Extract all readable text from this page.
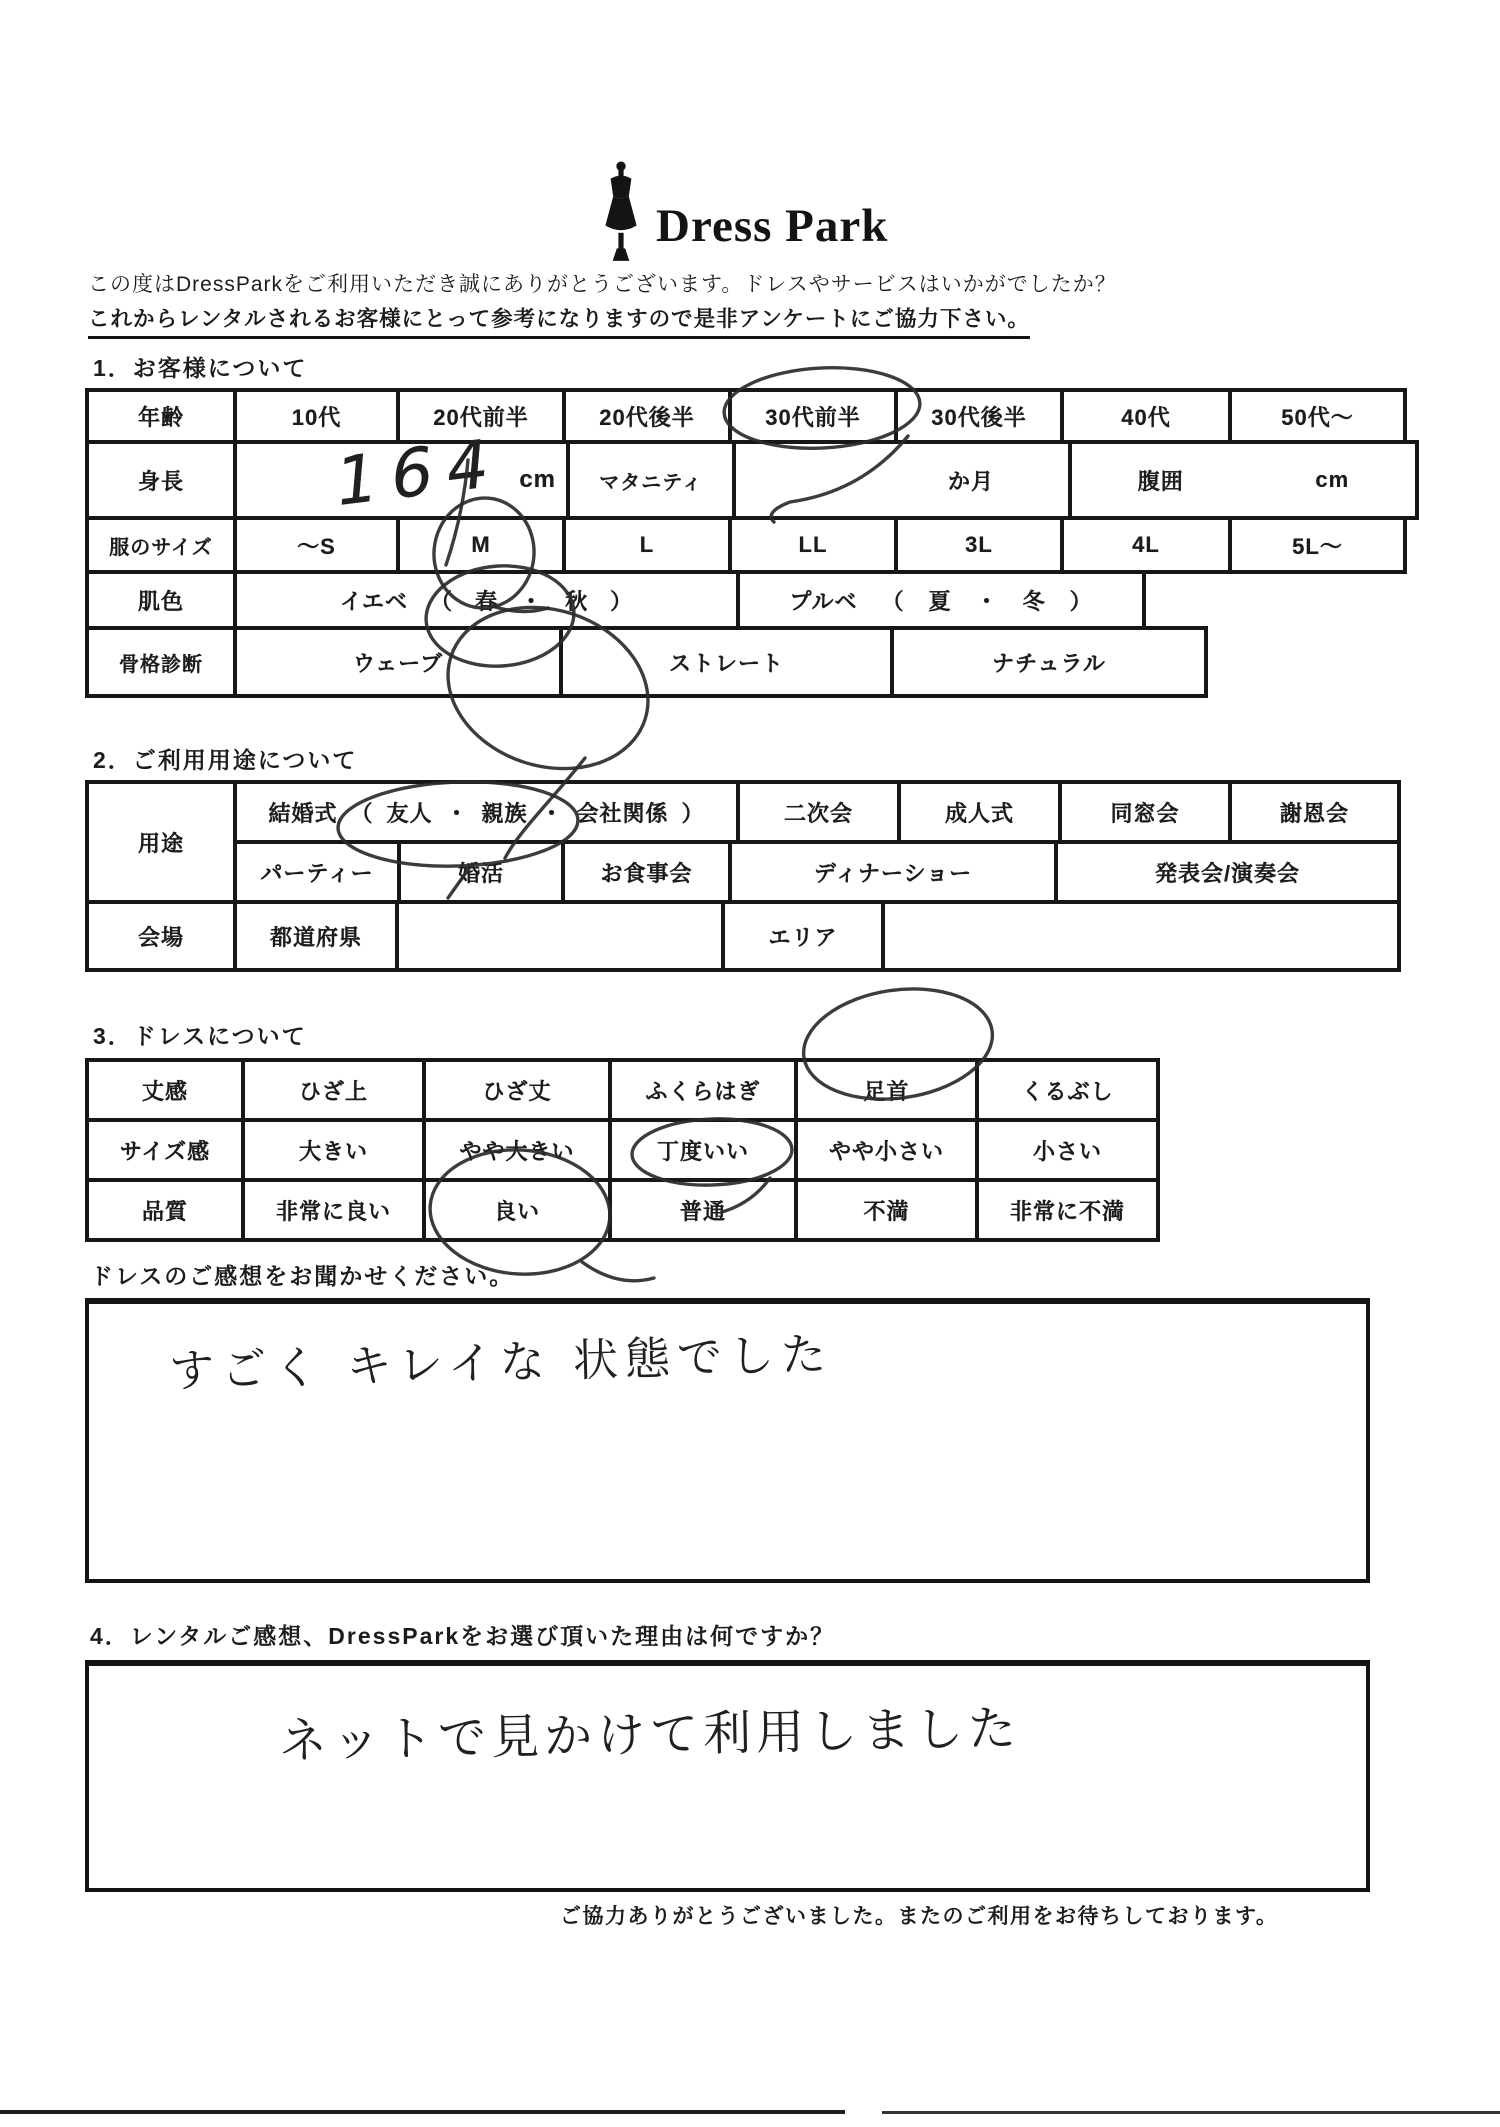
Dress Park
この度はDressParkをご利用いただき誠にありがとうございます。ドレスやサービスはいかがでしたか？
これからレンタルされるお客様にとって参考になりますので是非アンケートにご協力下さい。
1．お客様について
年齢	10代	20代前半	20代後半	30代前半	30代後半	40代	50代～
身長	164 cm	マタニティ	か月	腹囲	cm
服のサイズ	～S	M	L	LL	3L	4L	5L～
肌色	イエベ （ 春 ・ 秋 ）	プルベ （ 夏 ・ 冬 ）
骨格診断	ウェーブ	ストレート	ナチュラル
2．ご利用用途について
用途
結婚式 （ 友人 ・ 親族 ・ 会社関係 ）	二次会	成人式	同窓会	謝恩会
パーティー	婚活	お食事会	ディナーショー	発表会/演奏会
会場	都道府県	エリア
3．ドレスについて
丈感	ひざ上	ひざ丈	ふくらはぎ	足首	くるぶし
サイズ感	大きい	やや大きい	丁度いい	やや小さい	小さい
品質	非常に良い	良い	普通	不満	非常に不満
ドレスのご感想をお聞かせください。
すごく キレイな 状態でした
4．レンタルご感想、DressParkをお選び頂いた理由は何ですか？
ネットで見かけて利用しました
ご協力ありがとうございました。またのご利用をお待ちしております。
